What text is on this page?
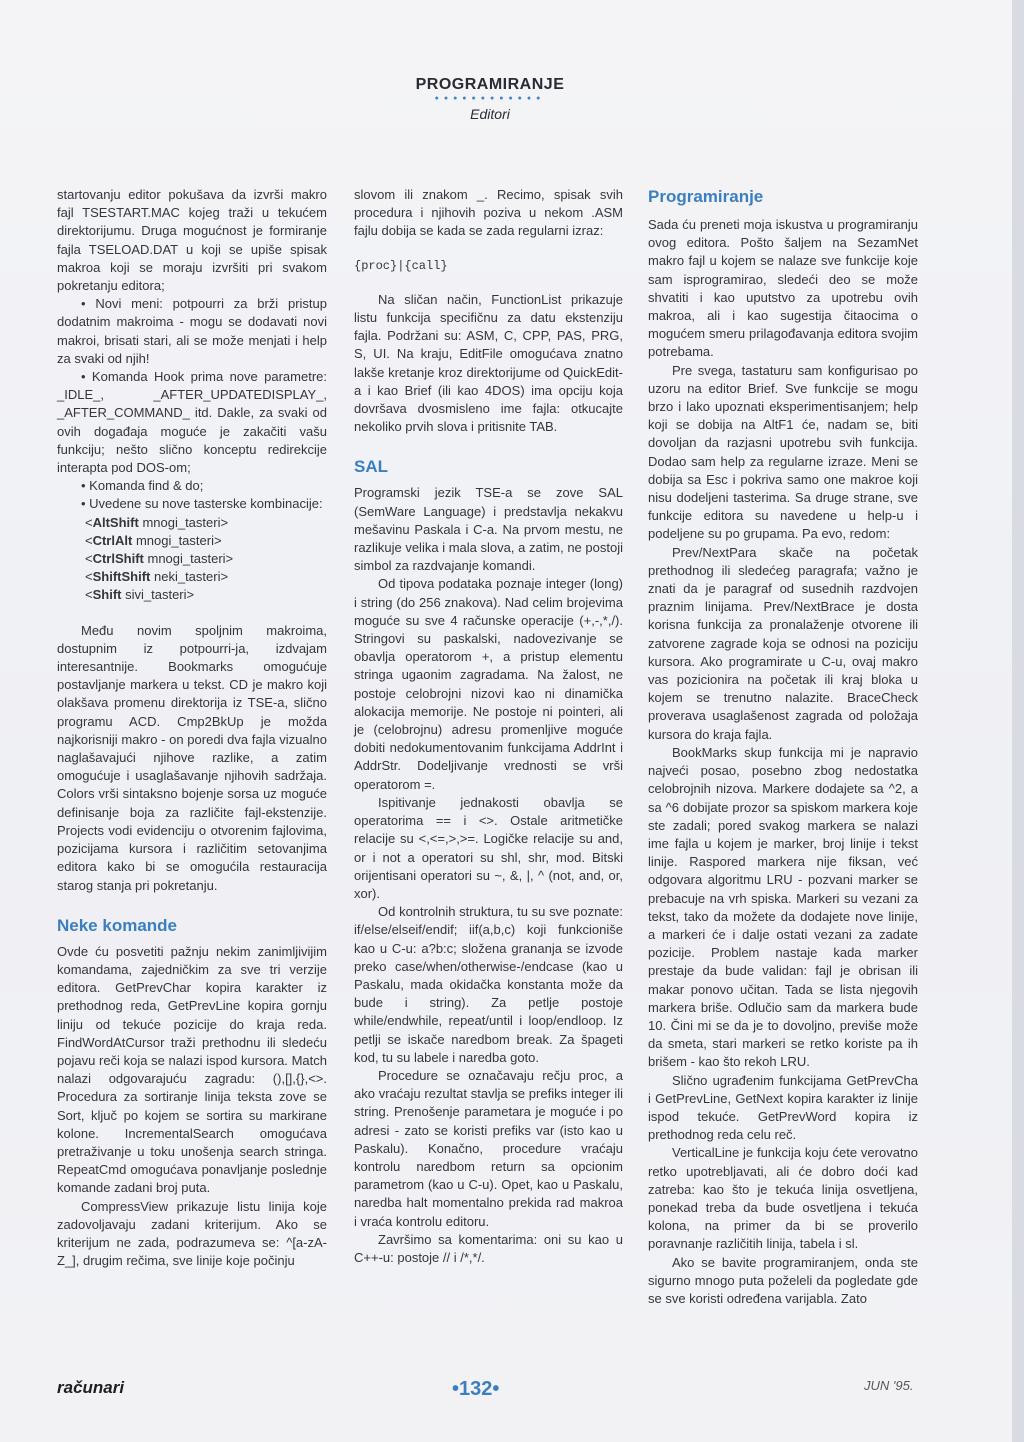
PROGRAMIRANJE
●●●●●●●●●●●●
Editori

startovanju editor pokušava da izvrši makro fajl TSESTART.MAC kojeg traži u tekućem direktorijumu. Druga mogućnost je formiranje fajla TSELOAD.DAT u koji se upiše spisak makroa koji se moraju izvršiti pri svakom pokretanju editora;

• Novi meni: potpourri za brži pristup dodatnim makroima - mogu se dodavati novi makroi, brisati stari, ali se može menjati i help za svaki od njih!

• Komanda Hook prima nove parametre: _IDLE_, _AFTER_UPDATEDISPLAY_, _AFTER_COMMAND_ itd. Dakle, za svaki od ovih događaja moguće je zakačiti vašu funkciju; nešto slično konceptu redirekcije interapta pod DOS-om;

• Komanda find & do;

• Uvedene su nove tasterske kombinacije:

<AltShift mnogi_tasteri>
<CtrlAlt mnogi_tasteri>
<CtrlShift mnogi_tasteri>
<ShiftShift neki_tasteri>
<Shift sivi_tasteri>

Među novim spoljnim makroima, dostupnim iz potpourri-ja, izdvajam interesantnije. Bookmarks omogućuje postavljanje markera u tekst. CD je makro koji olakšava promenu direktorija iz TSE-a, slično programu ACD. Cmp2BkUp je možda najkorisniji makro - on poredi dva fajla vizualno naglašavajući njihove razlike, a zatim omogućuje i usaglašavanje njihovih sadržaja. Colors vrši sintaksno bojenje sorsa uz moguće definisanje boja za različite fajl-ekstenzije. Projects vodi evidenciju o otvorenim fajlovima, pozicijama kursora i različitim setovanjima editora kako bi se omogućila restauracija starog stanja pri pokretanju.

Neke komande

Ovde ću posvetiti pažnju nekim zanimljivijim komandama, zajedničkim za sve tri verzije editora. GetPrevChar kopira karakter iz prethodnog reda, GetPrevLine kopira gornju liniju od tekuće pozicije do kraja reda. FindWordAtCursor traži prethodnu ili sledeću pojavu reči koja se nalazi ispod kursora. Match nalazi odgovarajuću zagradu: (),[],{},<>. Procedura za sortiranje linija teksta zove se Sort, ključ po kojem se sortira su markirane kolone. IncrementalSearch omogućava pretraživanje u toku unošenja search stringa. RepeatCmd omogućava ponavljanje poslednje komande zadani broj puta.

CompressView prikazuje listu linija koje zadovoljavaju zadani kriterijum. Ako se kriterijum ne zada, podrazumeva se: ^[a-zA-Z_], drugim rečima, sve linije koje počinju

slovom ili znakom _. Recimo, spisak svih procedura i njihovih poziva u nekom .ASM fajlu dobija se kada se zada regularni izraz:

{proc}|{call}

Na sličan način, FunctionList prikazuje listu funkcija specifičnu za datu ekstenziju fajla. Podržani su: ASM, C, CPP, PAS, PRG, S, UI. Na kraju, EditFile omogućava znatno lakše kretanje kroz direktorijume od QuickEdit-a i kao Brief (ili kao 4DOS) ima opciju koja dovršava dvosmisleno ime fajla: otkucajte nekoliko prvih slova i pritisnite TAB.

SAL

Programski jezik TSE-a se zove SAL (SemWare Language) i predstavlja nekakvu mešavinu Paskala i C-a. Na prvom mestu, ne razlikuje velika i mala slova, a zatim, ne postoji simbol za razdvajanje komandi.

Od tipova podataka poznaje integer (long) i string (do 256 znakova). Nad celim brojevima moguće su sve 4 računske operacije (+,-,*,/). Stringovi su paskalski, nadovezivanje se obavlja operatorom +, a pristup elementu stringa ugaonim zagradama. Na žalost, ne postoje celobrojni nizovi kao ni dinamička alokacija memorije. Ne postoje ni pointeri, ali je (celobrojnu) adresu promenljive moguće dobiti nedokumentovanim funkcijama AddrInt i AddrStr. Dodeljivanje vrednosti se vrši operatorom =.

Ispitivanje jednakosti obavlja se operatorima == i <>. Ostale aritmetičke relacije su <,<=,>,>=. Logičke relacije su and, or i not a operatori su shl, shr, mod. Bitski orijentisani operatori su ~, &, |, ^ (not, and, or, xor).

Od kontrolnih struktura, tu su sve poznate: if/else/elseif/endif; iif(a,b,c) koji funkcioniše kao u C-u: a?b:c; složena grananja se izvode preko case/when/otherwise-/endcase (kao u Paskalu, mada okidačka konstanta može da bude i string). Za petlje postoje while/endwhile, repeat/until i loop/endloop. Iz petlji se iskače naredbom break. Za špageti kod, tu su labele i naredba goto.

Procedure se označavaju rečju proc, a ako vraćaju rezultat stavlja se prefiks integer ili string. Prenošenje parametara je moguće i po adresi - zato se koristi prefiks var (isto kao u Paskalu). Konačno, procedure vraćaju kontrolu naredbom return sa opcionim parametrom (kao u C-u). Opet, kao u Paskalu, naredba halt momentalno prekida rad makroa i vraća kontrolu editoru.

Završimo sa komentarima: oni su kao u C++-u: postoje // i /*,*/.

Programiranje

Sada ću preneti moja iskustva u programiranju ovog editora. Pošto šaljem na SezamNet makro fajl u kojem se nalaze sve funkcije koje sam isprogramirao, sledeći deo se može shvatiti i kao uputstvo za upotrebu ovih makroa, ali i kao sugestija čitaocima o mogućem smeru prilagođavanja editora svojim potrebama.

Pre svega, tastaturu sam konfigurisao po uzoru na editor Brief. Sve funkcije se mogu brzo i lako upoznati eksperimentisanjem; help koji se dobija na AltF1 će, nadam se, biti dovoljan da razjasni upotrebu svih funkcija. Dodao sam help za regularne izraze. Meni se dobija sa Esc i pokriva samo one makroe koji nisu dodeljeni tasterima. Sa druge strane, sve funkcije editora su navedene u help-u i podeljene su po grupama. Pa evo, redom:

Prev/NextPara skače na početak prethodnog ili sledećeg paragrafa; važno je znati da je paragraf od susednih razdvojen praznim linijama. Prev/NextBrace je dosta korisna funkcija za pronalaženje otvorene ili zatvorene zagrade koja se odnosi na poziciju kursora. Ako programirate u C-u, ovaj makro vas pozicionira na početak ili kraj bloka u kojem se trenutno nalazite. BraceCheck proverava usaglašenost zagrada od položaja kursora do kraja fajla.

BookMarks skup funkcija mi je napravio najveći posao, posebno zbog nedostatka celobrojnih nizova. Markere dodajete sa ^2, a sa ^6 dobijate prozor sa spiskom markera koje ste zadali; pored svakog markera se nalazi ime fajla u kojem je marker, broj linije i tekst linije. Raspored markera nije fiksan, već odgovara algoritmu LRU - pozvani marker se prebacuje na vrh spiska. Markeri su vezani za tekst, tako da možete da dodajete nove linije, a markeri će i dalje ostati vezani za zadate pozicije. Problem nastaje kada marker prestaje da bude validan: fajl je obrisan ili makar ponovo učitan. Tada se lista njegovih markera briše. Odlučio sam da markera bude 10. Čini mi se da je to dovoljno, previše može da smeta, stari markeri se retko koriste pa ih brišem - kao što rekoh LRU.

Slično ugrađenim funkcijama GetPrevCha i GetPrevLine, GetNext kopira karakter iz linije ispod tekuće. GetPrevWord kopira iz prethodnog reda celu reč.

VerticalLine je funkcija koju ćete verovatno retko upotrebljavati, ali će dobro doći kad zatreba: kao što je tekuća linija osvetljena, ponekad treba da bude osvetljena i tekuća kolona, na primer da bi se proverilo poravnanje različitih linija, tabela i sl.

Ako se bavite programiranjem, onda ste sigurno mnogo puta poželeli da pogledate gde se sve koristi određena varijabla. Zato

računari	•132•	JUN '95.
